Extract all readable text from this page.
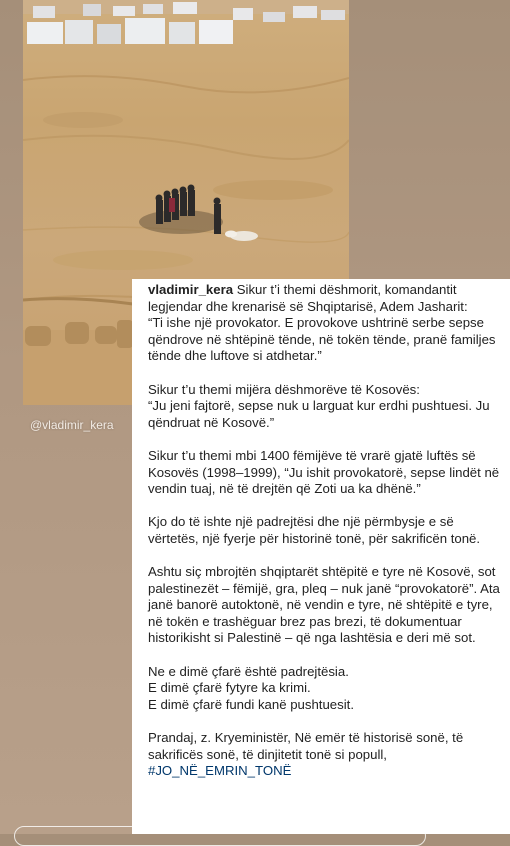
@vladimir_kera

vladimir_kera Sikur t’i themi dëshmorit, komandantit legjendar dhe krenarisë së Shqiptarisë, Adem Jasharit:
“Ti ishe një provokator. E provokove ushtrinë serbe sepse qëndrove në shtëpinë tënde, në tokën tënde, pranë familjes tënde dhe luftove si atdhetar.”

Sikur t’u themi mijëra dëshmorëve të Kosovës:
“Ju jeni fajtorë, sepse nuk u larguat kur erdhi pushtuesi. Ju qëndruat në Kosovë.”

Sikur t’u themi mbi 1400 fëmijëve të vrarë gjatë luftës së Kosovës (1998–1999), “Ju ishit provokatorë, sepse lindët në vendin tuaj, në të drejtën që Zoti ua ka dhënë.”

Kjo do të ishte një padrejtësi dhe një përmbysje e së vërtetës, një fyerje për historinë tonë, për sakrificën tonë.

Ashtu siç mbrojtën shqiptarët shtëpitë e tyre në Kosovë, sot palestinezët – fëmijë, gra, pleq – nuk janë “provokatorë”. Ata janë banorë autoktonë, në vendin e tyre, në shtëpitë e tyre, në tokën e trashëguar brez pas brezi, të dokumentuar historikisht si Palestinë – që nga lashtësia e deri më sot.

Ne e dimë çfarë është padrejtësia.
E dimë çfarë fytyre ka krimi.
E dimë çfarë fundi kanë pushtuesit.

Prandaj, z. Kryeministër, Në emër të historisë sonë, të sakrificës sonë, të dinjitetit tonë si popull,
#JO_NË_EMRIN_TONË
